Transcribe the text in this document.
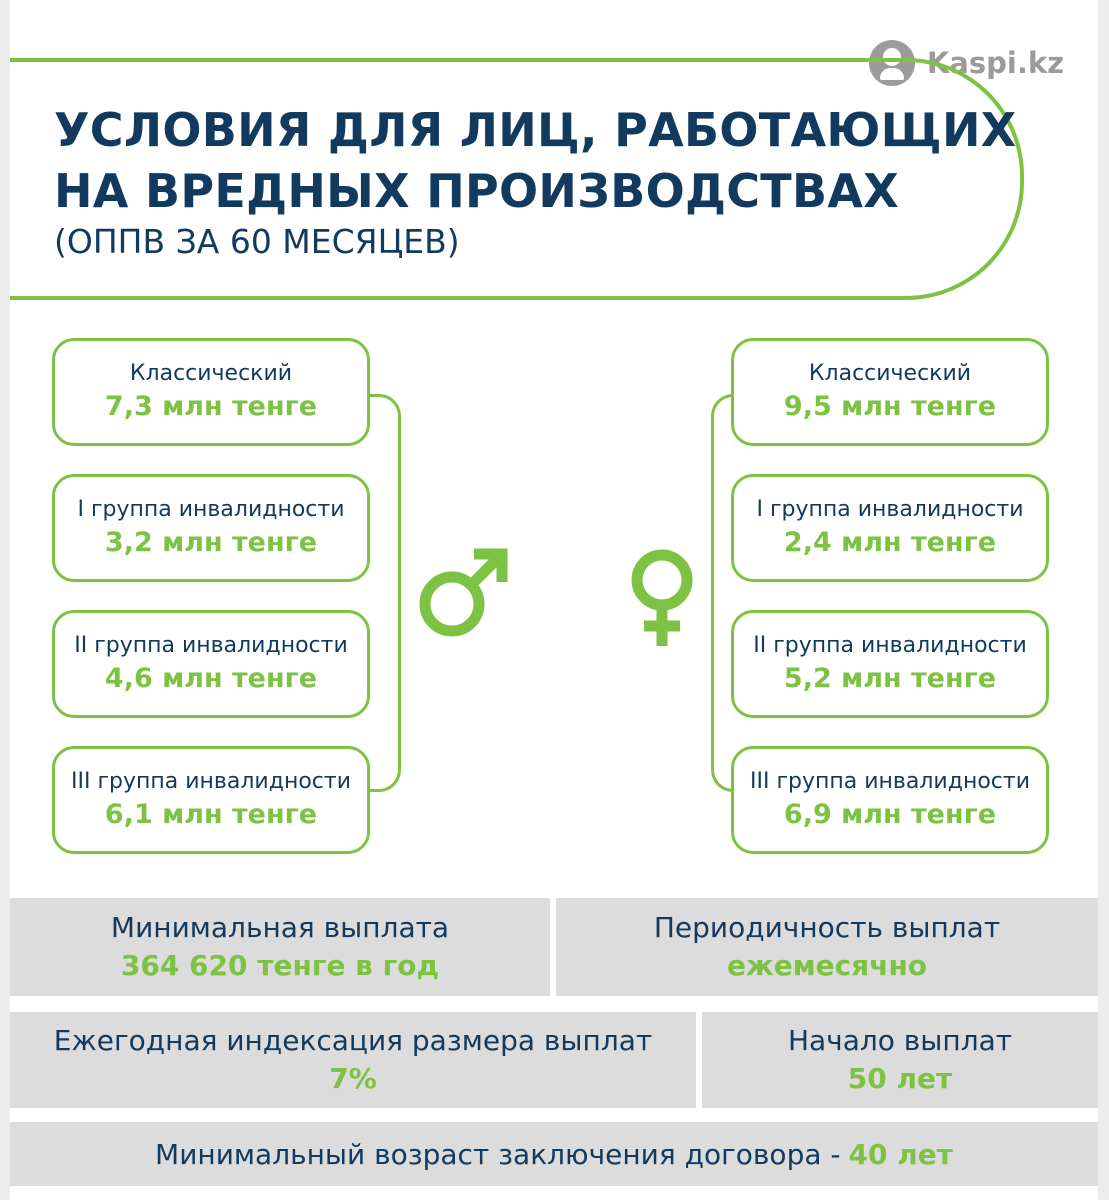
Kaspi.kz
УСЛОВИЯ ДЛЯ ЛИЦ, РАБОТАЮЩИХ
НА ВРЕДНЫХ ПРОИЗВОДСТВАХ
(ОППВ ЗА 60 МЕСЯЦЕВ)
Классический
7,3 млн тенге
I группа инвалидности
3,2 млн тенге
II группа инвалидности
4,6 млн тенге
III группа инвалидности
6,1 млн тенге
Классический
9,5 млн тенге
I группа инвалидности
2,4 млн тенге
II группа инвалидности
5,2 млн тенге
III группа инвалидности
6,9 млн тенге
Минимальная выплата
364 620 тенге в год
Периодичность выплат
ежемесячно
Ежегодная индексация размера выплат
7%
Начало выплат
50 лет
Минимальный возраст заключения договора - 40 лет
